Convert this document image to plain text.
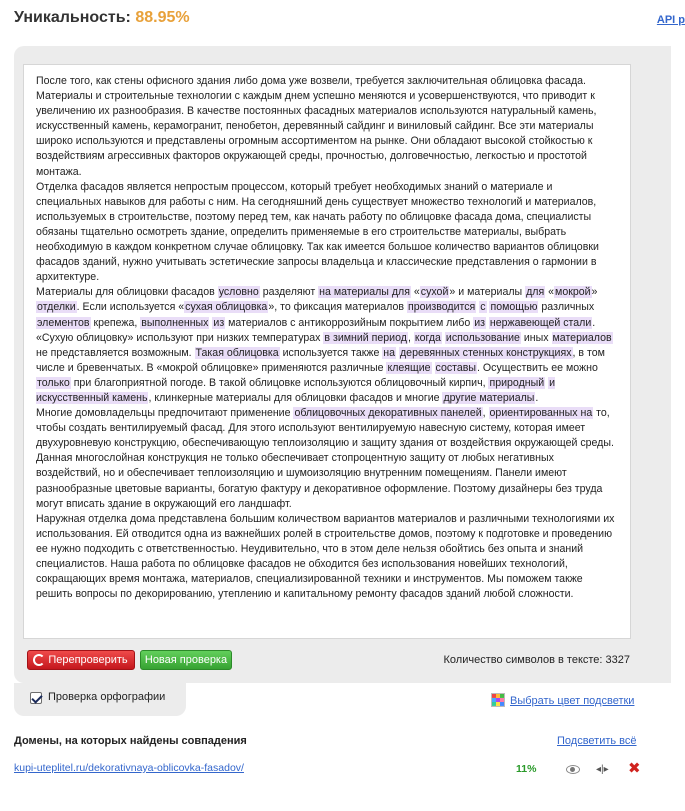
Уникальность: 88.95%	API р

После того, как стены офисного здания либо дома уже возвели, требуется заключительная облицовка фасада. Материалы и строительные технологии с каждым днем успешно меняются и усовершенствуются, что приводит к увеличению их разнообразия. В качестве постоянных фасадных материалов используются натуральный камень, искусственный камень, керамогранит, пенобетон, деревянный сайдинг и виниловый сайдинг. Все эти материалы широко используются и представлены огромным ассортиментом на рынке. Они обладают высокой стойкостью к воздействиям агрессивных факторов окружающей среды, прочностью, долговечностью, легкостью и простотой монтажа.

Отделка фасадов является непростым процессом, который требует необходимых знаний о материале и специальных навыков для работы с ним. На сегодняшний день существует множество технологий и материалов, используемых в строительстве, поэтому перед тем, как начать работу по облицовке фасада дома, специалисты обязаны тщательно осмотреть здание, определить применяемые в его строительстве материалы, выбрать необходимую в каждом конкретном случае облицовку. Так как имеется большое количество вариантов облицовки фасадов зданий, нужно учитывать эстетические запросы владельца и классические представления о гармонии в архитектуре.

Материалы для облицовки фасадов условно разделяют на материалы для «сухой» и материалы для «мокрой» отделки. Если используется «сухая облицовка», то фиксация материалов производится с помощью различных элементов крепежа, выполненных из материалов с антикоррозийным покрытием либо из нержавеющей стали. «Сухую облицовку» используют при низких температурах в зимний период, когда использование иных материалов не представляется возможным. Такая облицовка используется также на деревянных стенных конструкциях, в том числе и бревенчатых. В «мокрой облицовке» применяются различные клеящие составы. Осуществить ее можно только при благоприятной погоде. В такой облицовке используются облицовочный кирпич, природный и искусственный камень, клинкерные материалы для облицовки фасадов и многие другие материалы.

Многие домовладельцы предпочитают применение облицовочных декоративных панелей, ориентированных на то, чтобы создать вентилируемый фасад. Для этого используют вентилируемую навесную систему, которая имеет двухуровневую конструкцию, обеспечивающую теплоизоляцию и защиту здания от воздействия окружающей среды. Данная многослойная конструкция не только обеспечивает стопроцентную защиту от любых негативных воздействий, но и обеспечивает теплоизоляцию и шумоизоляцию внутренним помещениям. Панели имеют разнообразные цветовые варианты, богатую фактуру и декоративное оформление. Поэтому дизайнеры без труда могут вписать здание в окружающий его ландшафт.

Наружная отделка дома представлена большим количеством вариантов материалов и различными технологиями их использования. Ей отводится одна из важнейших ролей в строительстве домов, поэтому к подготовке и проведению ее нужно подходить с ответственностью. Неудивительно, что в этом деле нельзя обойтись без опыта и знаний специалистов. Наша работа по облицовке фасадов не обходится без использования новейших технологий, сокращающих время монтажа, материалов, специализированной техники и инструментов. Мы поможем также решить вопросы по декорированию, утеплению и капитальному ремонту фасадов зданий любой сложности.

Перепроверить	Новая проверка	Количество символов в тексте: 3327
Проверка орфографии	Выбрать цвет подсветки
Домены, на которых найдены совпадения	Подсветить всё
kupi-uteplitel.ru/dekorativnaya-oblicovka-fasadov/	11%	◂|▸ ✖
